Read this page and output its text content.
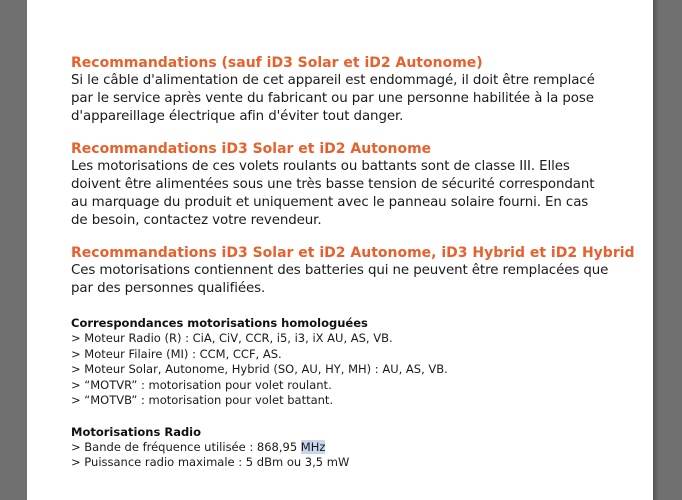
Recommandations (sauf iD3 Solar et iD2 Autonome)

Si le câble d'alimentation de cet appareil est endommagé, il doit être remplacé

par le service après vente du fabricant ou par une personne habilitée à la pose

d'appareillage électrique afin d'éviter tout danger.

Recommandations iD3 Solar et iD2 Autonome

Les motorisations de ces volets roulants ou battants sont de classe III. Elles

doivent être alimentées sous une très basse tension de sécurité correspondant

au marquage du produit et uniquement avec le panneau solaire fourni. En cas

de besoin, contactez votre revendeur.

Recommandations iD3 Solar et iD2 Autonome, iD3 Hybrid et iD2 Hybrid

Ces motorisations contiennent des batteries qui ne peuvent être remplacées que

par des personnes qualifiées.

Correspondances motorisations homologuées

> Moteur Radio (R) : CiA, CiV, CCR, i5, i3, iX AU, AS, VB.

> Moteur Filaire (MI) : CCM, CCF, AS.

> Moteur Solar, Autonome, Hybrid (SO, AU, HY, MH) : AU, AS, VB.

> “MOTVR” : motorisation pour volet roulant.

> “MOTVB” : motorisation pour volet battant.

Motorisations Radio

> Bande de fréquence utilisée : 868,95 MHz

> Puissance radio maximale : 5 dBm ou 3,5 mW
